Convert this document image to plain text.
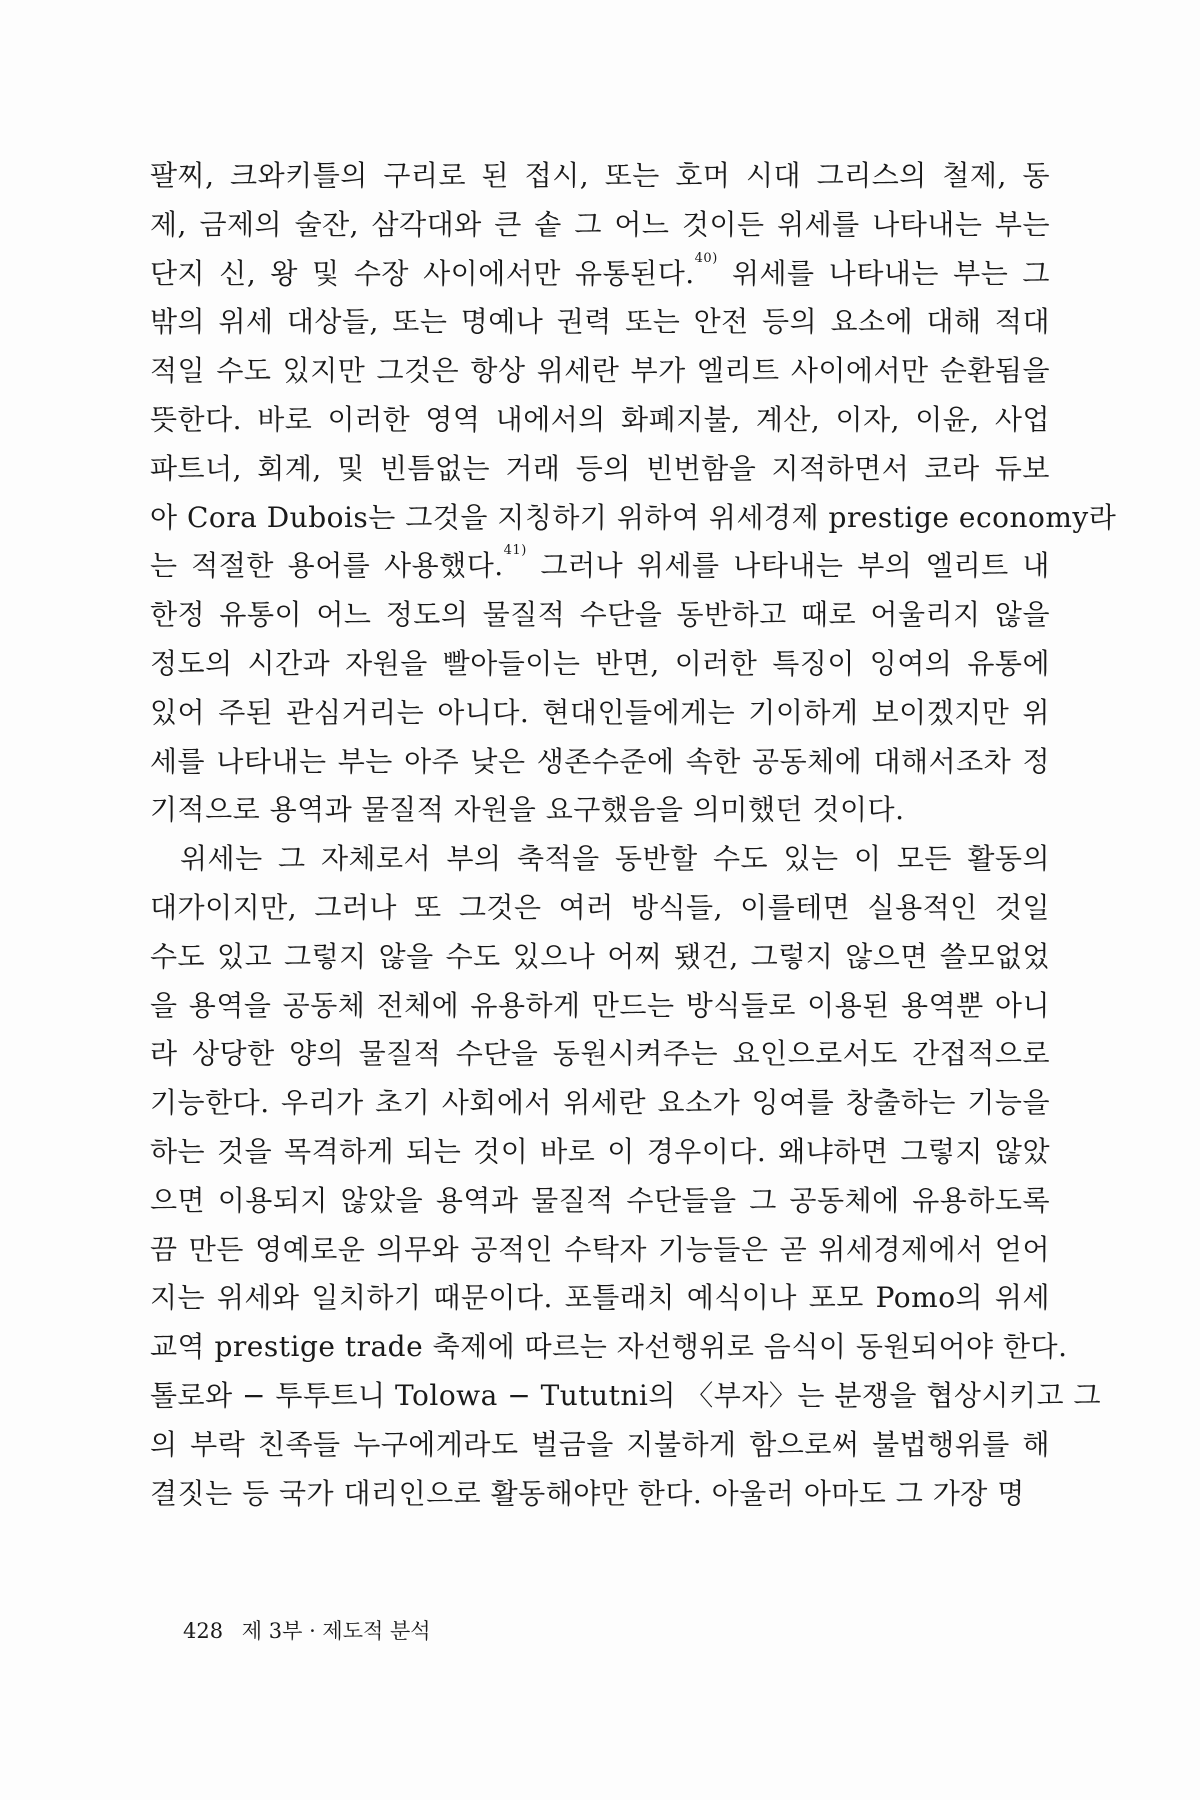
팔찌, 크와키틀의 구리로 된 접시, 또는 호머 시대 그리스의 철제, 동
제, 금제의 술잔, 삼각대와 큰 솥 그 어느 것이든 위세를 나타내는 부는
단지 신, 왕 및 수장 사이에서만 유통된다.$^{40)}$ 위세를 나타내는 부는 그
밖의 위세 대상들, 또는 명예나 권력 또는 안전 등의 요소에 대해 적대
적일 수도 있지만 그것은 항상 위세란 부가 엘리트 사이에서만 순환됨을
뜻한다. 바로 이러한 영역 내에서의 화폐지불, 계산, 이자, 이윤, 사업
파트너, 회계, 및 빈틈없는 거래 등의 빈번함을 지적하면서 코라 듀보
아 Cora Dubois는 그것을 지칭하기 위하여 위세경제 prestige economy라
는 적절한 용어를 사용했다.$^{41)}$ 그러나 위세를 나타내는 부의 엘리트 내
한정 유통이 어느 정도의 물질적 수단을 동반하고 때로 어울리지 않을
정도의 시간과 자원을 빨아들이는 반면, 이러한 특징이 잉여의 유통에
있어 주된 관심거리는 아니다. 현대인들에게는 기이하게 보이겠지만 위
세를 나타내는 부는 아주 낮은 생존수준에 속한 공동체에 대해서조차 정
기적으로 용역과 물질적 자원을 요구했음을 의미했던 것이다.
위세는 그 자체로서 부의 축적을 동반할 수도 있는 이 모든 활동의
대가이지만, 그러나 또 그것은 여러 방식들, 이를테면 실용적인 것일
수도 있고 그렇지 않을 수도 있으나 어찌 됐건, 그렇지 않으면 쓸모없었
을 용역을 공동체 전체에 유용하게 만드는 방식들로 이용된 용역뿐 아니
라 상당한 양의 물질적 수단을 동원시켜주는 요인으로서도 간접적으로
기능한다. 우리가 초기 사회에서 위세란 요소가 잉여를 창출하는 기능을
하는 것을 목격하게 되는 것이 바로 이 경우이다. 왜냐하면 그렇지 않았
으면 이용되지 않았을 용역과 물질적 수단들을 그 공동체에 유용하도록
끔 만든 영예로운 의무와 공적인 수탁자 기능들은 곧 위세경제에서 얻어
지는 위세와 일치하기 때문이다. 포틀래치 예식이나 포모 Pomo의 위세
교역 prestige trade 축제에 따르는 자선행위로 음식이 동원되어야 한다.
톨로와 − 투투트니 Tolowa − Tututni의 〈부자〉는 분쟁을 협상시키고 그
의 부락 친족들 누구에게라도 벌금을 지불하게 함으로써 불법행위를 해
결짓는 등 국가 대리인으로 활동해야만 한다. 아울러 아마도 그 가장 명
428 제 3부 · 제도적 분석
